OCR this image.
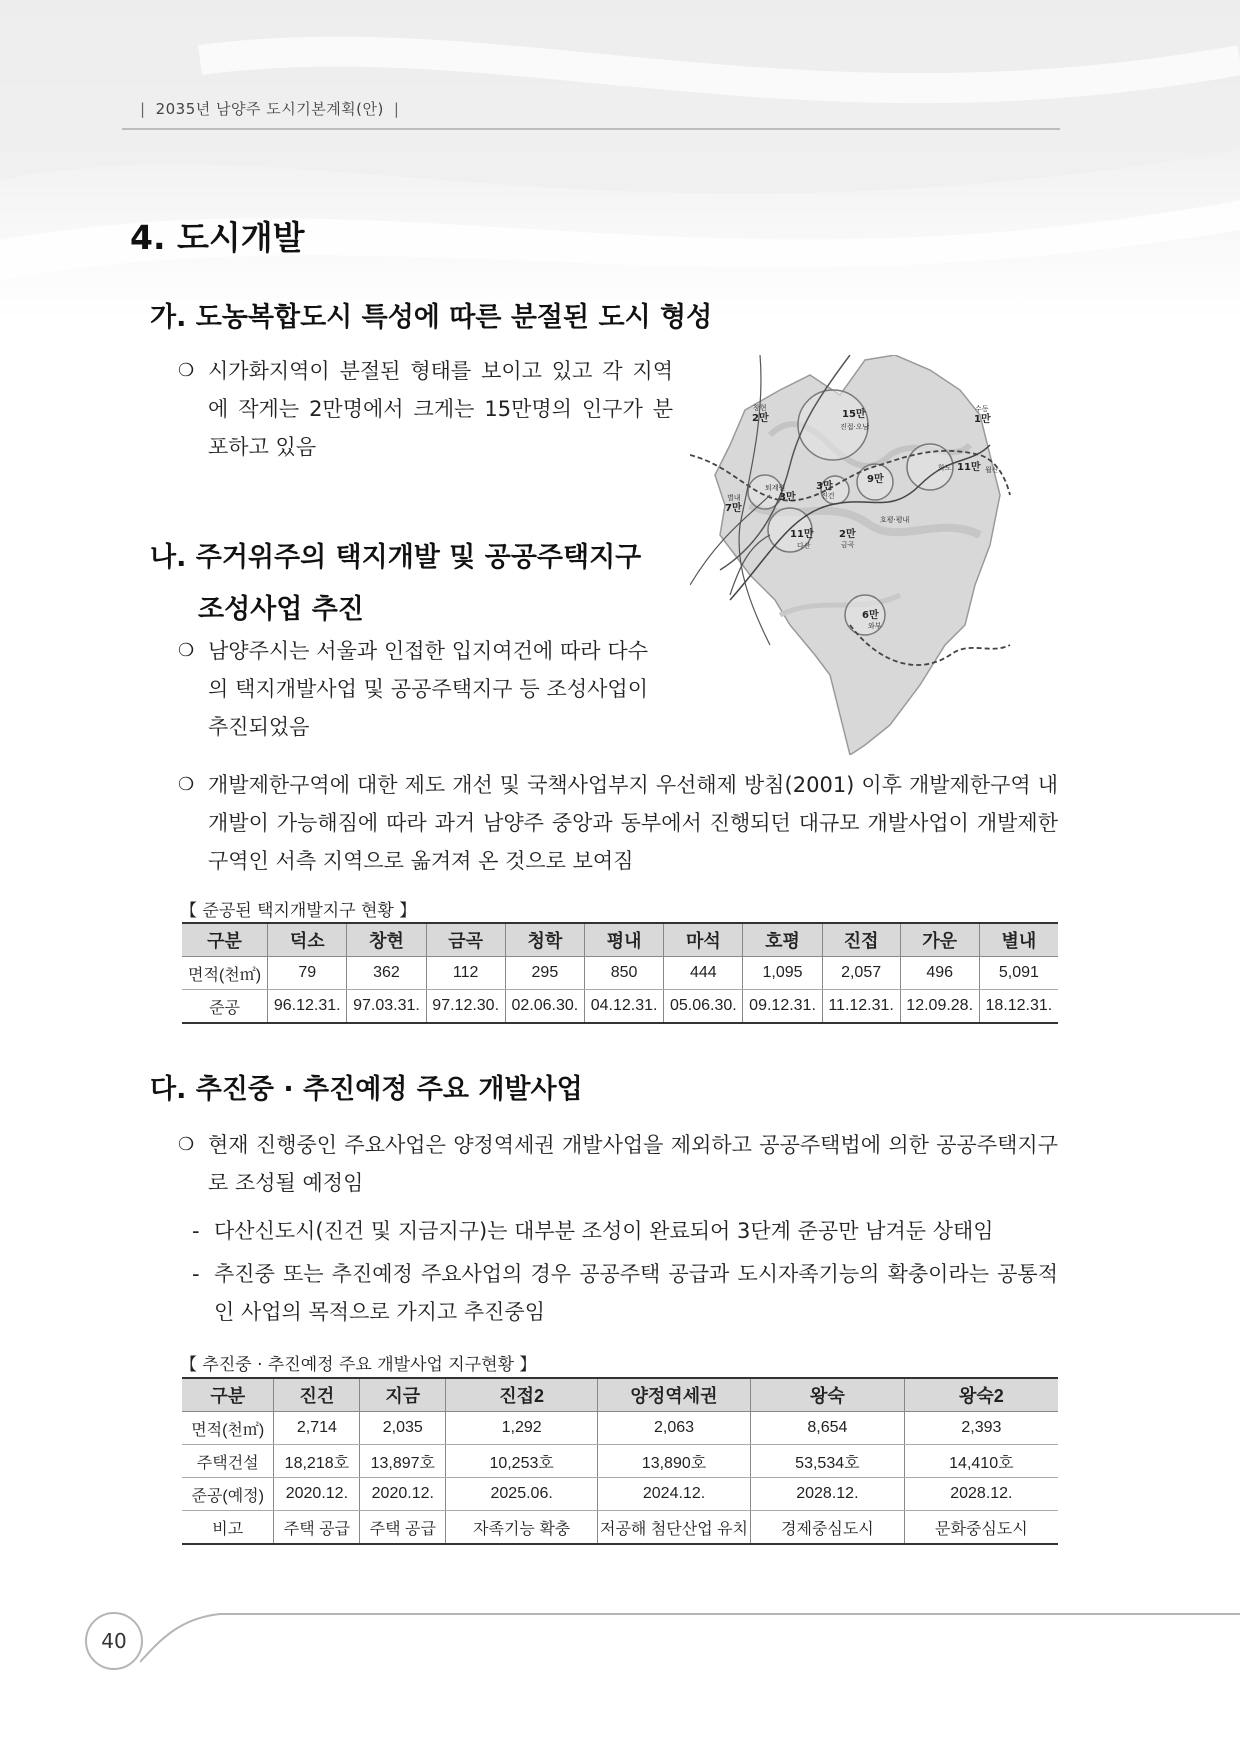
| 2035년 남양주 도시기본계획(안) |
4. 도시개발
가. 도농복합도시 특성에 따른 분절된 도시 형성
❍ 시가화지역이 분절된 형태를 보이고 있고 각 지역에 작게는 2만명에서 크게는 15만명의 인구가 분포하고 있음
나. 주거위주의 택지개발 및 공공주택지구
조성사업 추진
❍ 남양주시는 서울과 인접한 입지여건에 따라 다수의 택지개발사업 및 공공주택지구 등 조성사업이 추진되었음
❍ 개발제한구역에 대한 제도 개선 및 국책사업부지 우선해제 방침(2001) 이후 개발제한구역 내 개발이 가능해짐에 따라 과거 남양주 중앙과 동부에서 진행되던 대규모 개발사업이 개발제한구역인 서측 지역으로 옮겨져 온 것으로 보여짐
창현
2만	15만
진접·오남
수동
1만
화도 11만 월산
퇴계원
3만
3만
진건
별내
7만
9만
호평·평내
11만
다산
2만
금곡
6만
와부
【 준공된 택지개발지구 현황 】
구분	덕소	창현	금곡	청학	평내	마석	호평	진접	가운	별내
면적(천㎡)	79	362	112	295	850	444	1,095	2,057	496	5,091
준공	96.12.31.	97.03.31.	97.12.30.	02.06.30.	04.12.31.	05.06.30.	09.12.31.	11.12.31.	12.09.28.	18.12.31.
다. 추진중 · 추진예정 주요 개발사업
❍ 현재 진행중인 주요사업은 양정역세권 개발사업을 제외하고 공공주택법에 의한 공공주택지구로 조성될 예정임
- 다산신도시(진건 및 지금지구)는 대부분 조성이 완료되어 3단계 준공만 남겨둔 상태임
- 추진중 또는 추진예정 주요사업의 경우 공공주택 공급과 도시자족기능의 확충이라는 공통적인 사업의 목적으로 가지고 추진중임
【 추진중 · 추진예정 주요 개발사업 지구현황 】
구분	진건	지금	진접2	양정역세권	왕숙	왕숙2
면적(천㎡)	2,714	2,035	1,292	2,063	8,654	2,393
주택건설	18,218호	13,897호	10,253호	13,890호	53,534호	14,410호
준공(예정)	2020.12.	2020.12.	2025.06.	2024.12.	2028.12.	2028.12.
비고	주택 공급	주택 공급	자족기능 확충	저공해 첨단산업 유치	경제중심도시	문화중심도시
40
